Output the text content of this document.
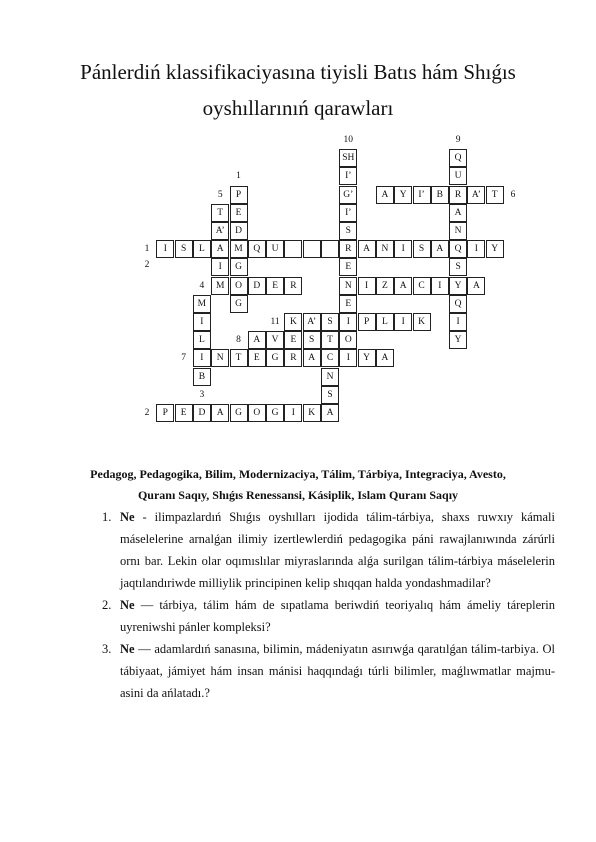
Pánlerdiń klassifikaciyasına tiyisli Batıs hám Shıǵıs oyshıllarınıń qarawları
SH	Q
I’	U
P	G’	A	Y	I’	B	R	A’	T
T	E	I’	A
A’	D	S	N
I	S	L	A	M	Q	U	R	A	N	I	S	A	Q	I	Y
I	G	E	S
M	O	D	E	R	N	I	Z	A	C	I	Y	A
M	G	E	Q
I	K	A’	S	I	P	L	I	K	I
L	A	V	E	S	T	O	Y
I	N	T	E	G	R	A	C	I	Y	A
B	N
S
P	E	D	A	G	O	G	I	K	A
10	9
1
5	6
1
2
4
11
8
7
3
2
Pedagog, Pedagogika, Bilim, Modernizaciya, Tálim, Tárbiya, Integraciya, Avesto,
Quranı Saqıy, Shıǵıs Renessansi, Kásiplik, Islam Quranı Saqıy
1. Ne - ilimpazlardıń Shıǵıs oyshılları ijodida tálim-tárbiya, shaxs ruwxıy kámali máselelerine arnalǵan ilimiy izertlewlerdiń pedagogika páni rawajlanıwında zárúrli ornı bar. Lekin olar oqımıslılar miyraslarında alǵa surilgan tálim-tárbiya máselelerin jaqtılandıriwde milliylik principinen kelip shıqqan halda yondashmadilar?
2. Ne — tárbiya, tálim hám de sıpatlama beriwdiń teoriyalıq hám ámeliy táreplerin uyreniwshi pánler kompleksi?
3. Ne — adamlardıń sanasına, bilimin, mádeniyatın asırıwǵa qaratılǵan tálim-tarbiya. Ol tábiyaat, jámiyet hám insan mánisi haqqındaǵı túrli bilimler, maǵlıwmatlar majmu-asini da ańlatadı.?
